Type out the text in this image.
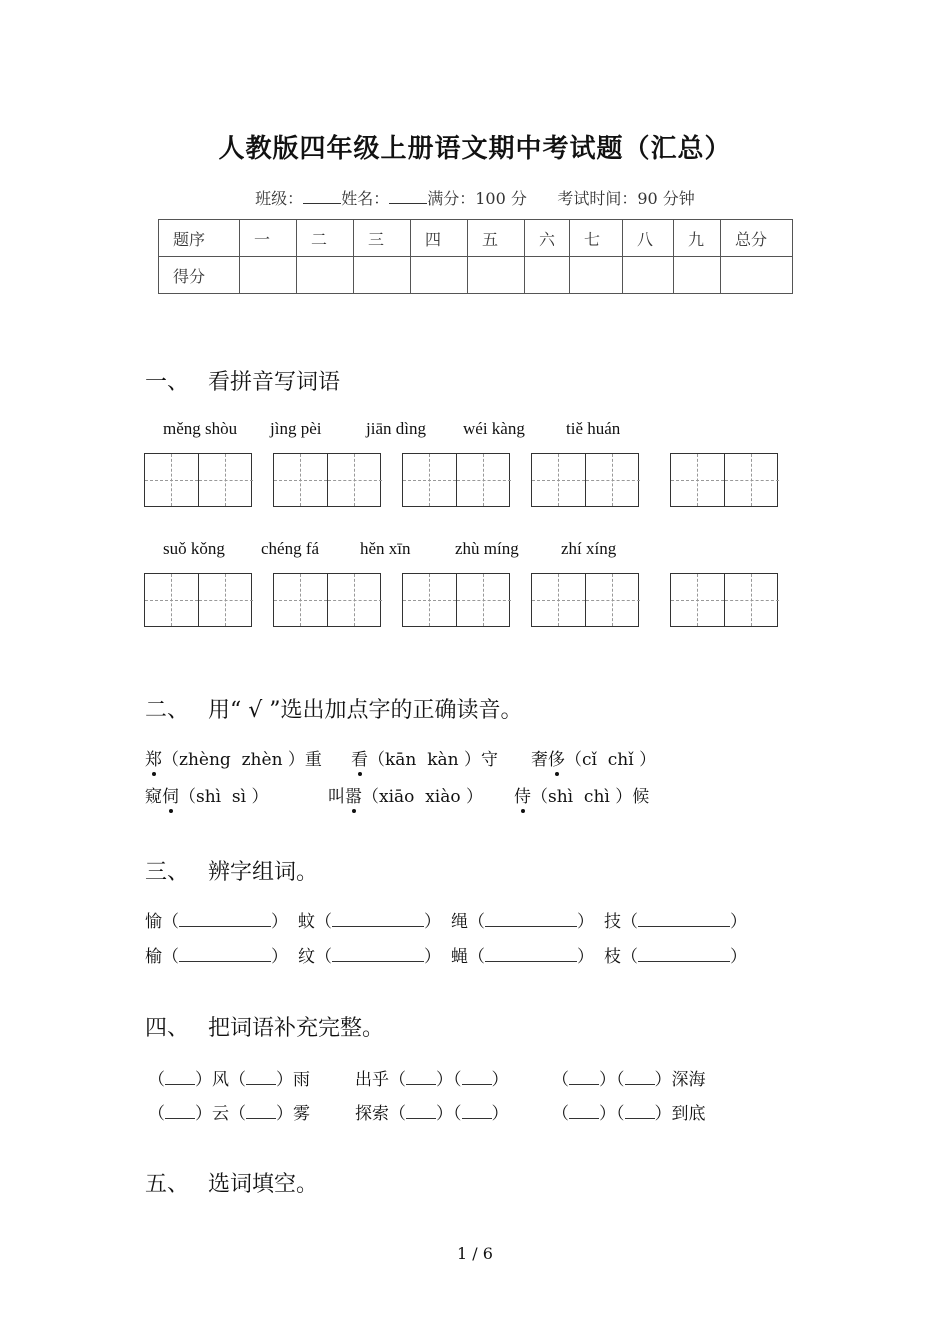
人教版四年级上册语文期中考试题（汇总）
班级： 姓名： 满分：100 分 考试时间：90 分钟
题序	一	二	三	四	五	六	七	八	九	总分
得分										
一、 看拼音写词语
měng shòu jìng pèi	jiān dìng wéi kàng tiě huán
suǒ kǒng chéng fá hěn xīn	zhù míng zhí xíng
二、 用“ √ ”选出加点字的正确读音。
郑（zhèng  zhèn ）重 看（kān  kàn ）守 奢侈（cǐ  chǐ ）
窥伺（shì  sì ）	叫嚣（xiāo  xiào ） 侍（shì  chì ）候
三、 辨字组词。
愉（	） 蚊（	） 绳（	） 技（	）
榆（	） 纹（	） 蝇（	） 枝（	）
四、 把词语补充完整。
（ ）风（ ）雨	出乎（ ）（ ）	（ ）（ ）深海
（ ）云（ ）雾	探索（ ）（ ）	（ ）（ ）到底
五、 选词填空。
1 / 6
